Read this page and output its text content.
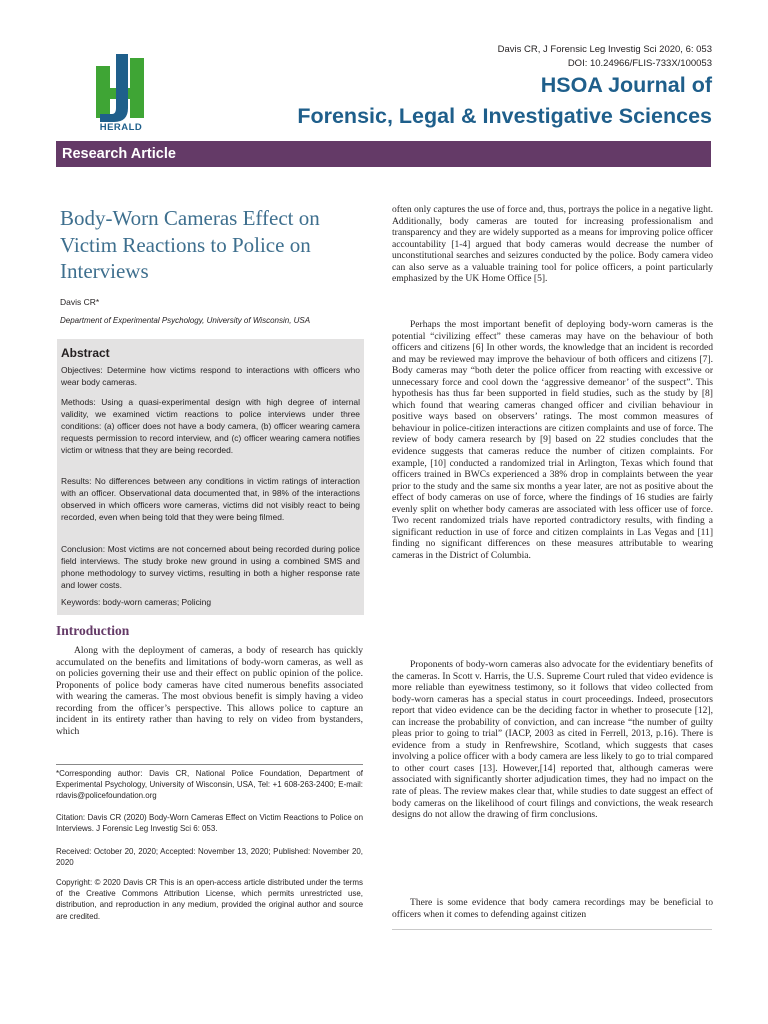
HERALD
Davis CR, J Forensic Leg Investig Sci 2020, 6: 053
DOI: 10.24966/FLIS-733X/100053
HSOA Journal of
Forensic, Legal & Investigative Sciences
Research Article
Body-Worn Cameras Effect on Victim Reactions to Police on Interviews
Davis CR*
Department of Experimental Psychology, University of Wisconsin, USA
Abstract
Objectives: Determine how victims respond to interactions with officers who wear body cameras.
Methods: Using a quasi-experimental design with high degree of internal validity, we examined victim reactions to police interviews under three conditions: (a) officer does not have a body camera, (b) officer wearing camera requests permission to record interview, and (c) officer wearing camera notifies victim or witness that they are being recorded.
Results: No differences between any conditions in victim ratings of interaction with an officer. Observational data documented that, in 98% of the interactions observed in which officers wore cameras, victims did not visibly react to being recorded, even when being told that they were being filmed.
Conclusion: Most victims are not concerned about being recorded during police field interviews. The study broke new ground in using a combined SMS and phone methodology to survey victims, resulting in both a higher response rate and lower costs.
Keywords: body-worn cameras; Policing
Introduction

Along with the deployment of cameras, a body of research has quickly accumulated on the benefits and limitations of body-worn cameras, as well as on policies governing their use and their effect on public opinion of the police. Proponents of police body cameras have cited numerous benefits associated with wearing the cameras. The most obvious benefit is simply having a video recording from the officer’s perspective. This allows police to capture an incident in its entirety rather than having to rely on video from bystanders, which

*Corresponding author: Davis CR, National Police Foundation, Department of Experimental Psychology, University of Wisconsin, USA, Tel: +1 608-263-2400; E-mail: rdavis@policefoundation.org
Citation: Davis CR (2020) Body-Worn Cameras Effect on Victim Reactions to Police on Interviews. J Forensic Leg Investig Sci 6: 053.
Received: October 20, 2020; Accepted: November 13, 2020; Published: November 20, 2020
Copyright: © 2020 Davis CR This is an open-access article distributed under the terms of the Creative Commons Attribution License, which permits unrestricted use, distribution, and reproduction in any medium, provided the original author and source are credited.
often only captures the use of force and, thus, portrays the police in a negative light. Additionally, body cameras are touted for increasing professionalism and transparency and they are widely supported as a means for improving police officer accountability [1-4] argued that body cameras would decrease the number of unconstitutional searches and seizures conducted by the police. Body camera video can also serve as a valuable training tool for police officers, a point particularly emphasized by the UK Home Office [5].
Perhaps the most important benefit of deploying body-worn cameras is the potential “civilizing effect” these cameras may have on the behaviour of both officers and citizens [6] In other words, the knowledge that an incident is recorded and may be reviewed may improve the behaviour of both officers and citizens [7]. Body cameras may “both deter the police officer from reacting with excessive or unnecessary force and cool down the ‘aggressive demeanor’ of the suspect”. This hypothesis has thus far been supported in field studies, such as the study by [8] which found that wearing cameras changed officer and civilian behaviour in positive ways based on observers’ ratings. The most common measures of behaviour in police-citizen interactions are citizen complaints and use of force. The review of body camera research by [9] based on 22 studies concludes that the evidence suggests that cameras reduce the number of citizen complaints. For example, [10] conducted a randomized trial in Arlington, Texas which found that officers trained in BWCs experienced a 38% drop in complaints between the year prior to the study and the same six months a year later, are not as positive about the effect of body cameras on use of force, where the findings of 16 studies are fairly evenly split on whether body cameras are associated with less officer use of force. Two recent randomized trials have reported contradictory results, with finding a significant reduction in use of force and citizen complaints in Las Vegas and [11] finding no significant differences on these measures attributable to wearing cameras in the District of Columbia.
Proponents of body-worn cameras also advocate for the evidentiary benefits of the cameras. In Scott v. Harris, the U.S. Supreme Court ruled that video evidence is more reliable than eyewitness testimony, so it follows that video collected from body-worn cameras has a special status in court proceedings. Indeed, prosecutors report that video evidence can be the deciding factor in whether to prosecute [12], can increase the probability of conviction, and can increase “the number of guilty pleas prior to going to trial” (IACP, 2003 as cited in Ferrell, 2013, p.16). There is evidence from a study in Renfrewshire, Scotland, which suggests that cases involving a police officer with a body camera are less likely to go to trial compared to other court cases [13]. However,[14] reported that, although cameras were associated with significantly shorter adjudication times, they had no impact on the rate of pleas. The review makes clear that, while studies to date suggest an effect of body cameras on the likelihood of court filings and convictions, the weak research designs do not allow the drawing of firm conclusions.
There is some evidence that body camera recordings may be beneficial to officers when it comes to defending against citizen
